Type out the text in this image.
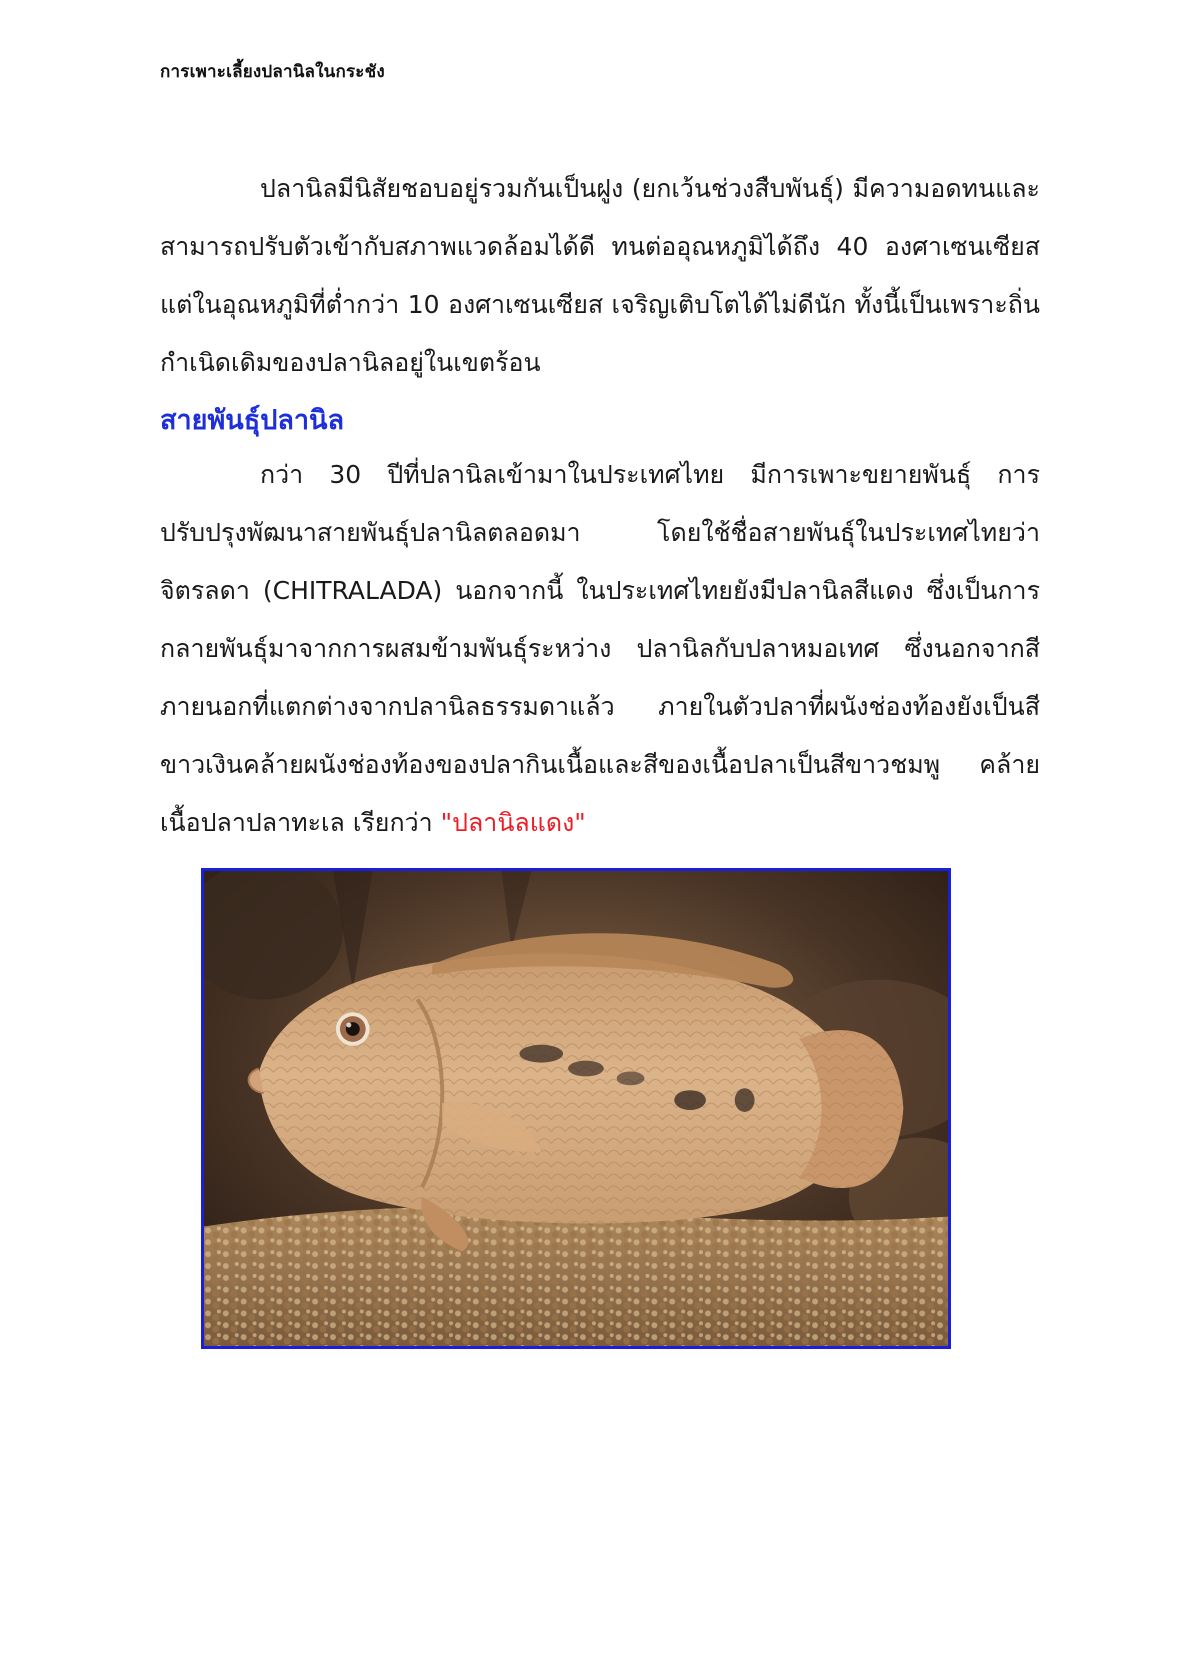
การเพาะเลี้ยงปลานิลในกระชัง

ปลานิลมีนิสัยชอบอยู่รวมกันเป็นฝูง (ยกเว้นช่วงสืบพันธุ์) มีความอดทนและสามารถปรับตัวเข้ากับสภาพแวดล้อมได้ดี ทนต่ออุณหภูมิได้ถึง 40 องศาเซนเซียส แต่ในอุณหภูมิที่ต่ำกว่า 10 องศาเซนเซียส เจริญเติบโตได้ไม่ดีนัก ทั้งนี้เป็นเพราะถิ่นกำเนิดเดิมของปลานิลอยู่ในเขตร้อน

สายพันธุ์ปลานิล

กว่า 30 ปีที่ปลานิลเข้ามาในประเทศไทย มีการเพาะขยายพันธุ์ การปรับปรุงพัฒนาสายพันธุ์ปลานิลตลอดมา โดยใช้ชื่อสายพันธุ์ในประเทศไทยว่า จิตรลดา (CHITRALADA) นอกจากนี้ ในประเทศไทยยังมีปลานิลสีแดง ซึ่งเป็นการกลายพันธุ์มาจากการผสมข้ามพันธุ์ระหว่าง ปลานิลกับปลาหมอเทศ ซึ่งนอกจากสีภายนอกที่แตกต่างจากปลานิลธรรมดาแล้ว ภายในตัวปลาที่ผนังช่องท้องยังเป็นสีขาวเงินคล้ายผนังช่องท้องของปลากินเนื้อและสีของเนื้อปลาเป็นสีขาวชมพู คล้ายเนื้อปลาปลาทะเล เรียกว่า "ปลานิลแดง"
